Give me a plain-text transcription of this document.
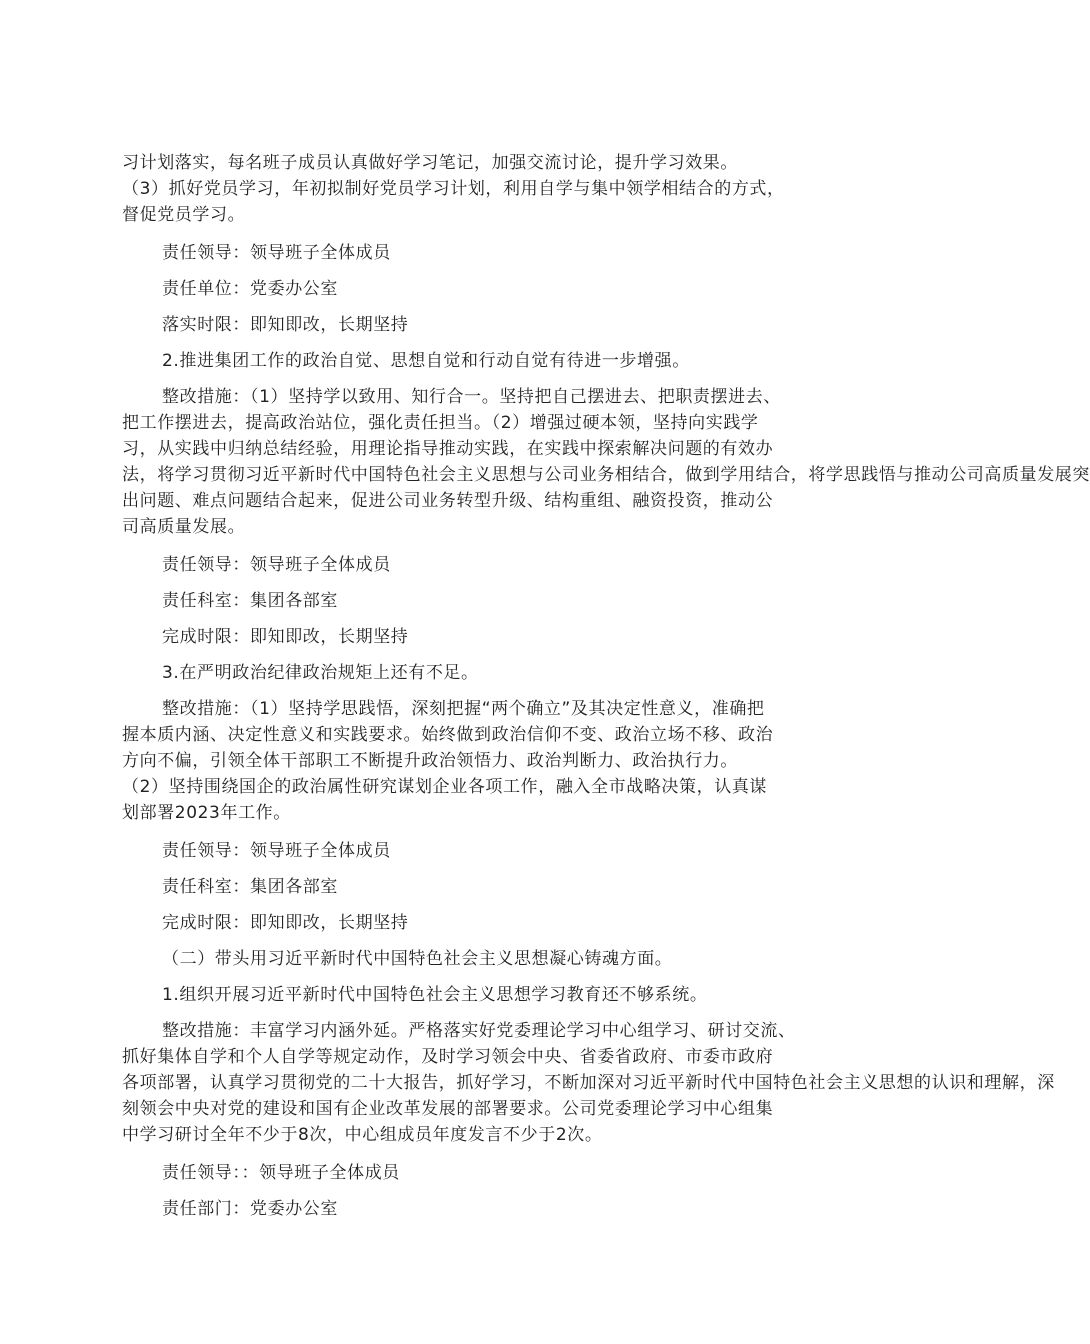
习计划落实，每名班子成员认真做好学习笔记，加强交流讨论，提升学习效果。
（3）抓好党员学习，年初拟制好党员学习计划，利用自学与集中领学相结合的方式，
督促党员学习。
责任领导：领导班子全体成员
责任单位：党委办公室
落实时限：即知即改，长期坚持
2.推进集团工作的政治自觉、思想自觉和行动自觉有待进一步增强。
整改措施：（1）坚持学以致用、知行合一。坚持把自己摆进去、把职责摆进去、
把工作摆进去，提高政治站位，强化责任担当。（2）增强过硬本领，坚持向实践学
习，从实践中归纳总结经验，用理论指导推动实践，在实践中探索解决问题的有效办
法，将学习贯彻习近平新时代中国特色社会主义思想与公司业务相结合，做到学用结合，将学思践悟与推动公司高质量发展突
出问题、难点问题结合起来，促进公司业务转型升级、结构重组、融资投资，推动公
司高质量发展。
责任领导：领导班子全体成员
责任科室：集团各部室
完成时限：即知即改，长期坚持
3.在严明政治纪律政治规矩上还有不足。
整改措施：（1）坚持学思践悟，深刻把握“两个确立”及其决定性意义，准确把
握本质内涵、决定性意义和实践要求。始终做到政治信仰不变、政治立场不移、政治
方向不偏，引领全体干部职工不断提升政治领悟力、政治判断力、政治执行力。
（2）坚持围绕国企的政治属性研究谋划企业各项工作，融入全市战略决策，认真谋
划部署2023年工作。
责任领导：领导班子全体成员
责任科室：集团各部室
完成时限：即知即改，长期坚持
（二）带头用习近平新时代中国特色社会主义思想凝心铸魂方面。
1.组织开展习近平新时代中国特色社会主义思想学习教育还不够系统。
整改措施：丰富学习内涵外延。严格落实好党委理论学习中心组学习、研讨交流、
抓好集体自学和个人自学等规定动作，及时学习领会中央、省委省政府、市委市政府
各项部署，认真学习贯彻党的二十大报告，抓好学习，不断加深对习近平新时代中国特色社会主义思想的认识和理解，深
刻领会中央对党的建设和国有企业改革发展的部署要求。公司党委理论学习中心组集
中学习研讨全年不少于8次，中心组成员年度发言不少于2次。
责任领导：：领导班子全体成员
责任部门：党委办公室
